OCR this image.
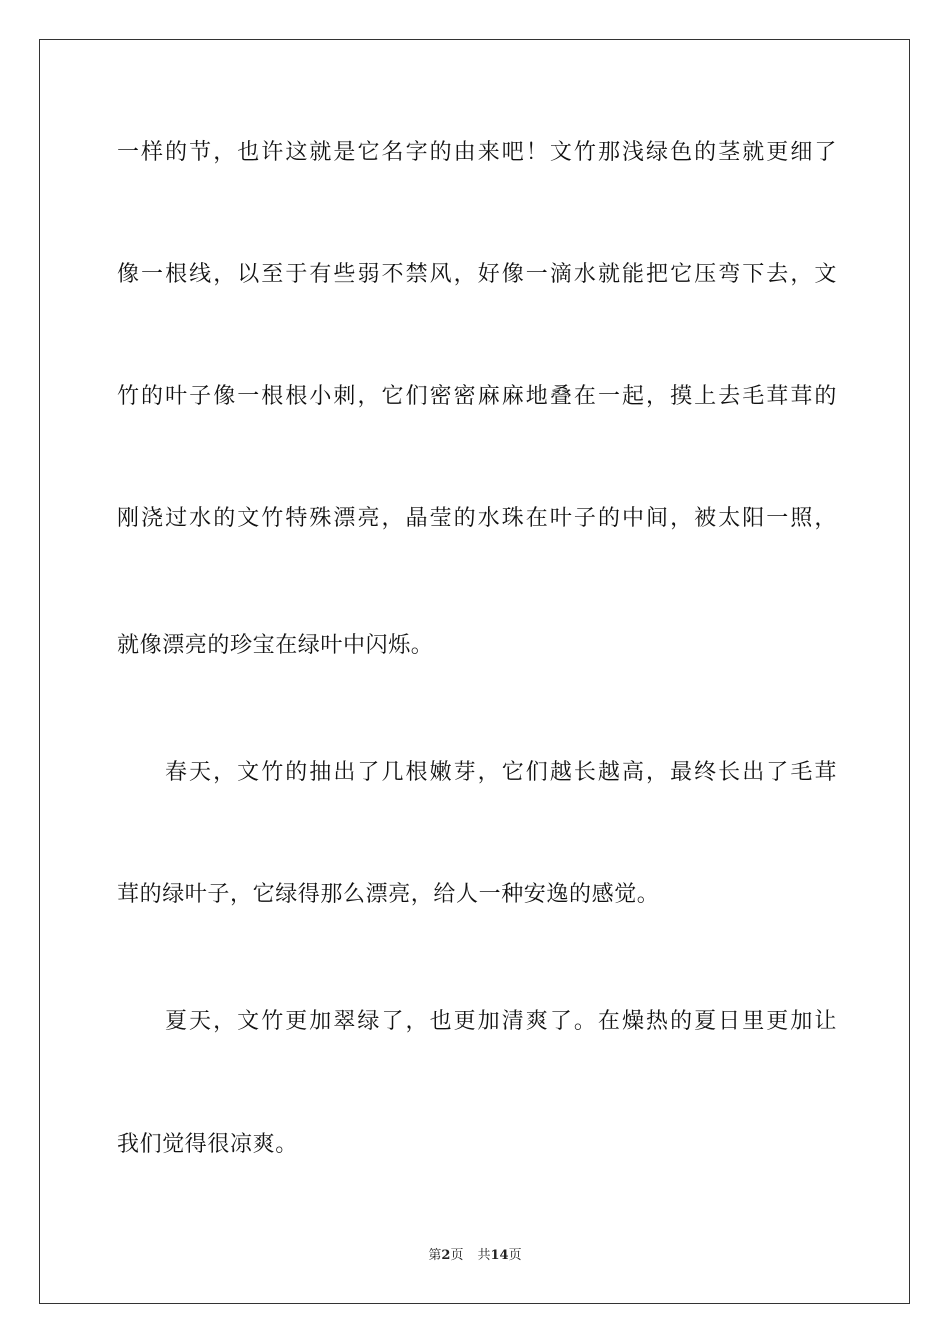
一样的节，也许这就是它名字的由来吧！文竹那浅绿色的茎就更细了
像一根线，以至于有些弱不禁风，好像一滴水就能把它压弯下去，文
竹的叶子像一根根小刺，它们密密麻麻地叠在一起，摸上去毛茸茸的
刚浇过水的文竹特殊漂亮，晶莹的水珠在叶子的中间，被太阳一照，
就像漂亮的珍宝在绿叶中闪烁。
春天，文竹的抽出了几根嫩芽，它们越长越高，最终长出了毛茸
茸的绿叶子，它绿得那么漂亮，给人一种安逸的感觉。
夏天，文竹更加翠绿了，也更加清爽了。在燥热的夏日里更加让
我们觉得很凉爽。
第2页 共14页
